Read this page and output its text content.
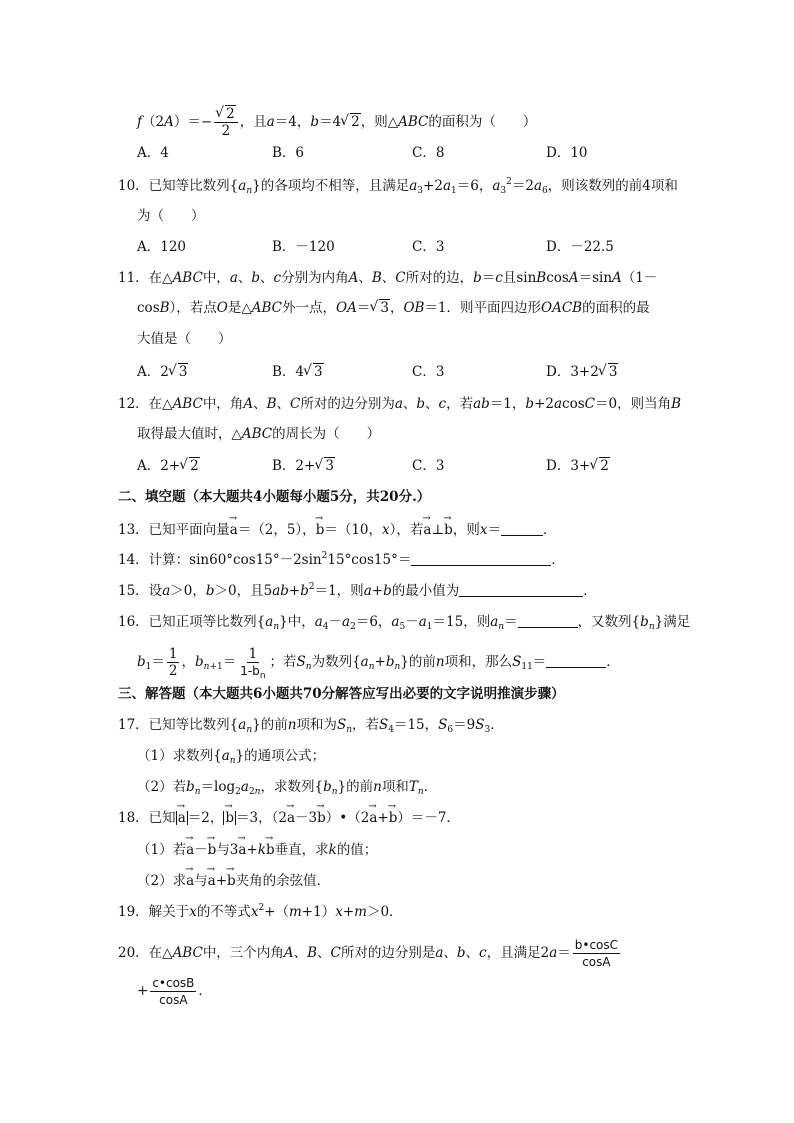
f（2A）＝− √ $\frac{2}{2}$ ，且a＝4，b＝4 √ 2，则△ABC的面积为（　　）
A．4	B．6	C．8	D．10
10．已知等比数列$\{a_n\}$的各项均不相等，且满足$a_3+2a_1=6$，$a_3^2=2a_6$，则该数列的前4项和
为（　　）
A．120	B．－120	C．3	D．－22.5
11．在△ABC中，a、b、c分别为内角A、B、C所对的边，b＝c且sinBcosA＝sinA（1－
cosB），若点O是△ABC外一点，OA＝ √ 3，OB＝1．则平面四边形OACB的面积的最
大值是（　　）
A．2 √ 3	B．4 √ 3	C．3	D．3+2 √ 3
12．在△ABC中，角A、B、C所对的边分别为a、b、c，若ab＝1，b+2acosC＝0，则当角B
取得最大值时，△ABC的周长为（　　）
A．2+ √ 2	B．2+ √ 3	C．3	D．3+ √ 2
二、填空题（本大题共4小题每小题5分，共20分.）
13．已知平面向量→ a＝（2，5），→ b＝（10，x），若→ a⊥→ b，则x＝	．
14．计算：$\sin 60^\circ\cos 15^\circ-2\sin^215^\circ\cos 15^\circ=$	．
15．设a＞0，b＞0，且$5ab+b^2=1$，则a+b的最小值为	．
16．已知正项等比数列$\{a_n\}$中，$a_4-a_2=6$，$a_5-a_1=15$，则$a_n=$	，又数列$\{b_n\}$满足
$b_1= \frac{1}{2}$ ，$b_{n+1}= \frac{1}{1-b_n}$ ；若$S_n$为数列$\{a_n+b_n\}$的前n项和，那么$S_{11}=$	．
三、解答题（本大题共6小题共70分解答应写出必要的文字说明推演步骤）
17．已知等比数列$\{a_n\}$的前n项和为$S_n$，若$S_4=15$，$S_6=9S_3$．
（1）求数列$\{a_n\}$的通项公式；
（2）若$b_n=\log_2a_{2n}$，求数列$\{b_n\}$的前n项和$T_n$．
18．已知 → a ＝2， → b ＝3，（2→ a－3→ b）•（2→ a+→ b）＝－7．
（1）若→ a－→ b与3→ a+k→ b垂直，求k的值；
（2）求→ a与→ a+→ b夹角的余弦值．
19．解关于x的不等式$x^2+(m+1)x+m>0$．
20．在△ABC中，三个内角A、B、C所对的边分别是a、b、c，且满足$2a= \frac{b•\cos C}{\cos A}$
+ $\frac{c•\cos B}{\cos A}$ ．
